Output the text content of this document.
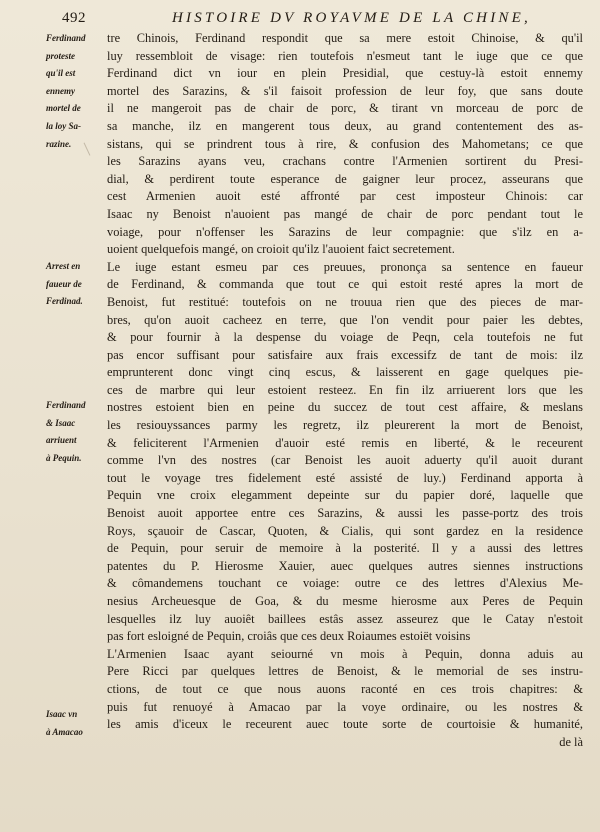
492	HISTOIRE DV ROYAVME DE LA CHINE,
Ferdinand
proteste
qu'il est
ennemy
mortel de
la loy Sa-
razine.
Arrest en
faueur de
Ferdinad.
Ferdinand
& Isaac
arriuent
à Pequin.
Isaac vn
à Amacao
tre Chinois, Ferdinand respondit que sa mere estoit Chinoise, & qu'il
luy ressembloit de visage: rien toutefois n'esmeut tant le iuge que ce que
Ferdinand dict vn iour en plein Presidial, que cestuy-là estoit ennemy
mortel des Sarazins, & s'il faisoit profession de leur foy, que sans doute
il ne mangeroit pas de chair de porc, & tirant vn morceau de porc de
sa manche, ilz en mangerent tous deux, au grand contentement des as-
sistans, qui se prindrent tous à rire, & confusion des Mahometans; ce que
les Sarazins ayans veu, crachans contre l'Armenien sortirent du Presi-
dial, & perdirent toute esperance de gaigner leur procez, asseurans que
cest Armenien auoit esté affronté par cest imposteur Chinois: car
Isaac ny Benoist n'auoient pas mangé de chair de porc pendant tout le
voiage, pour n'offenser les Sarazins de leur compagnie: que s'ilz en a-
uoient quelquefois mangé, on croioit qu'ilz l'auoient faict secretement.
Le iuge estant esmeu par ces preuues, prononça sa sentence en faueur
de Ferdinand, & commanda que tout ce qui estoit resté apres la mort de
Benoist, fut restitué: toutefois on ne trouua rien que des pieces de mar-
bres, qu'on auoit cacheez en terre, que l'on vendit pour paier les debtes,
& pour fournir à la despense du voiage de Peqn, cela toutefois ne fut
pas encor suffisant pour satisfaire aux frais excessifz de tant de mois: ilz
emprunterent donc vingt cinq escus, & laisserent en gage quelques pie-
ces de marbre qui leur estoient resteez. En fin ilz arriuerent lors que les
nostres estoient bien en peine du succez de tout cest affaire, & meslans
les resiouyssances parmy les regretz, ilz pleurerent la mort de Benoist,
& feliciterent l'Armenien d'auoir esté remis en liberté, & le receurent
comme l'vn des nostres (car Benoist les auoit aduerty qu'il auoit durant
tout le voyage tres fidelement esté assisté de luy.) Ferdinand apporta à
Pequin vne croix elegamment depeinte sur du papier doré, laquelle que
Benoist auoit apportee entre ces Sarazins, & aussi les passe-portz des trois
Roys, sçauoir de Cascar, Quoten, & Cialis, qui sont gardez en la residence
de Pequin, pour seruir de memoire à la posterité. Il y a aussi des lettres
patentes du P. Hierosme Xauier, auec quelques autres siennes instructions
& cômandemens touchant ce voiage: outre ce des lettres d'Alexius Me-
nesius Archeuesque de Goa, & du mesme hierosme aux Peres de Pequin
lesquelles ilz luy auoiêt baillees estâs assez asseurez que le Catay n'estoit
pas fort esloigné de Pequin, croiâs que ces deux Roiaumes estoiët voisins
L'Armenien Isaac ayant seiourné vn mois à Pequin, donna aduis au
Pere Ricci par quelques lettres de Benoist, & le memorial de ses instru-
ctions, de tout ce que nous auons raconté en ces trois chapitres: &
puis fut renuoyé à Amacao par la voye ordinaire, ou les nostres &
les amis d'iceux le receurent auec toute sorte de courtoisie & humanité,
de là
